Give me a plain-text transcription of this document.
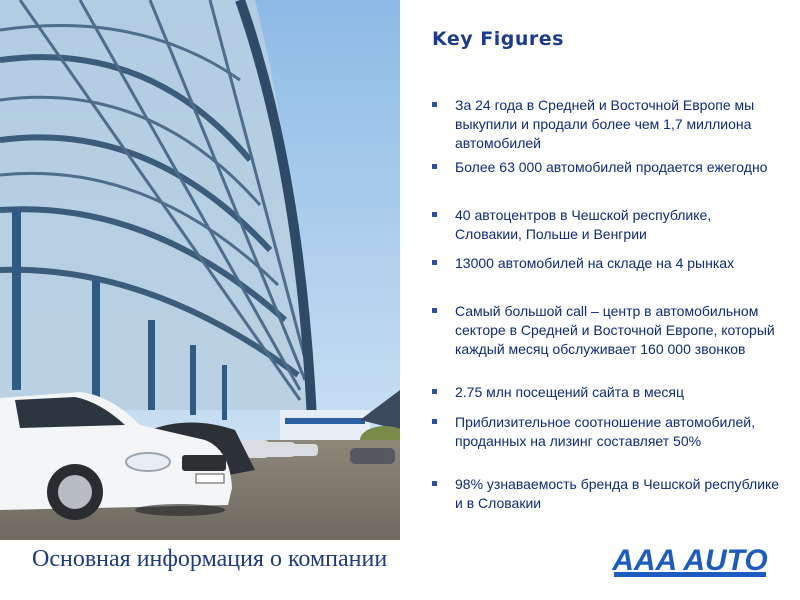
Key Figures
За 24 года в Средней и Восточной Европе мы выкупили и продали более чем 1,7 миллиона автомобилей
Более 63 000 автомобилей продается ежегодно
40 автоцентров в Чешской республике, Словакии, Польше и Венгрии
13000 автомобилей на складе на 4 рынках
Самый большой call – центр в автомобильном секторе в Средней и Восточной Европе, который каждый месяц обслуживает 160 000 звонков
2.75 млн посещений сайта в месяц
Приблизительное соотношение автомобилей, проданных на лизинг составляет 50%
98% узнаваемость бренда в Чешской республике и в Словакии
Основная информация о компании	AAA AUTO
